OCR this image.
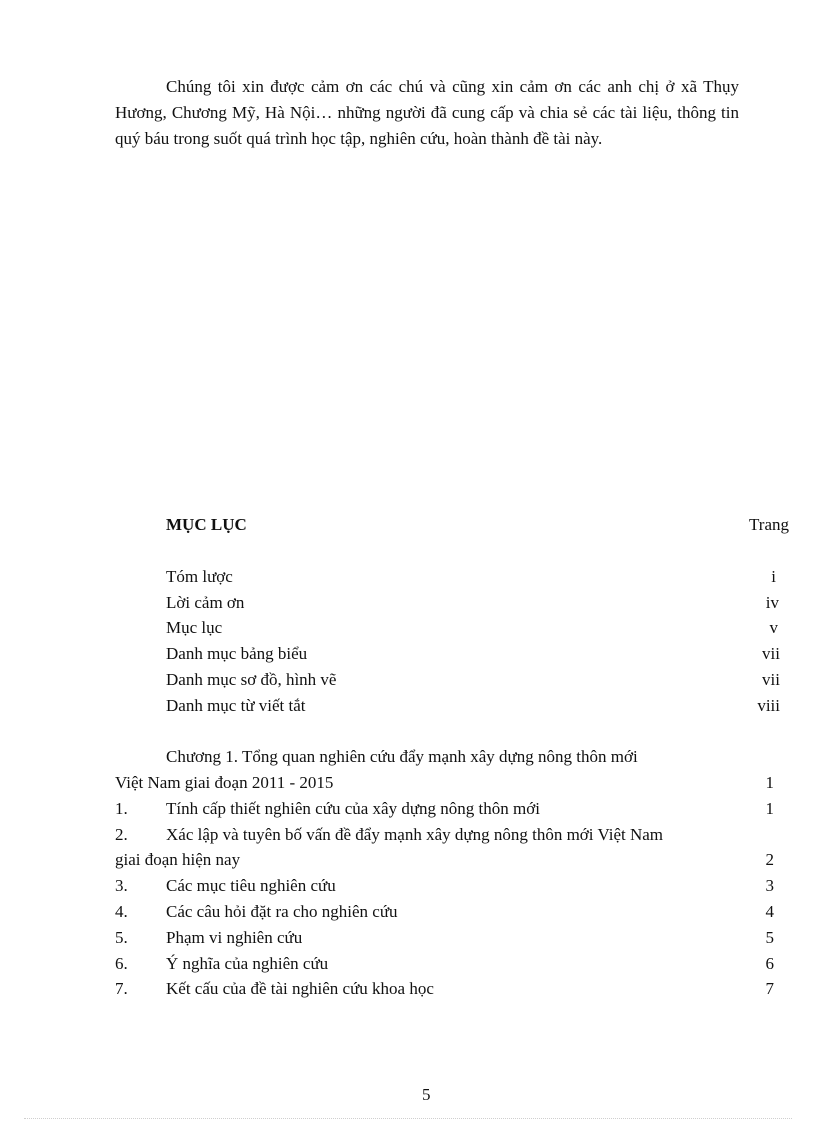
Chúng tôi xin được cảm ơn các chú và cũng xin cảm ơn các anh chị ở xã Thụy Hương, Chương Mỹ, Hà Nội… những người đã cung cấp và chia sẻ các tài liệu, thông tin quý báu trong suốt quá trình học tập, nghiên cứu, hoàn thành đề tài này.

MỤC LỤC	Trang
Tóm lược	i
Lời cảm ơn	iv
Mục lục	v
Danh mục bảng biểu	vii
Danh mục sơ đồ, hình vẽ	vii
Danh mục từ viết tắt	viii
Chương 1. Tổng quan nghiên cứu đẩy mạnh xây dựng nông thôn mới
Việt Nam giai đoạn 2011 - 2015	1
1. Tính cấp thiết nghiên cứu của xây dựng nông thôn mới	1
2. Xác lập và tuyên bố vấn đề đẩy mạnh xây dựng nông thôn mới Việt Nam
giai đoạn hiện nay	2
3. Các mục tiêu nghiên cứu	3
4. Các câu hỏi đặt ra cho nghiên cứu	4
5. Phạm vi nghiên cứu	5
6. Ý nghĩa của nghiên cứu	6
7. Kết cấu của đề tài nghiên cứu khoa học	7
5
